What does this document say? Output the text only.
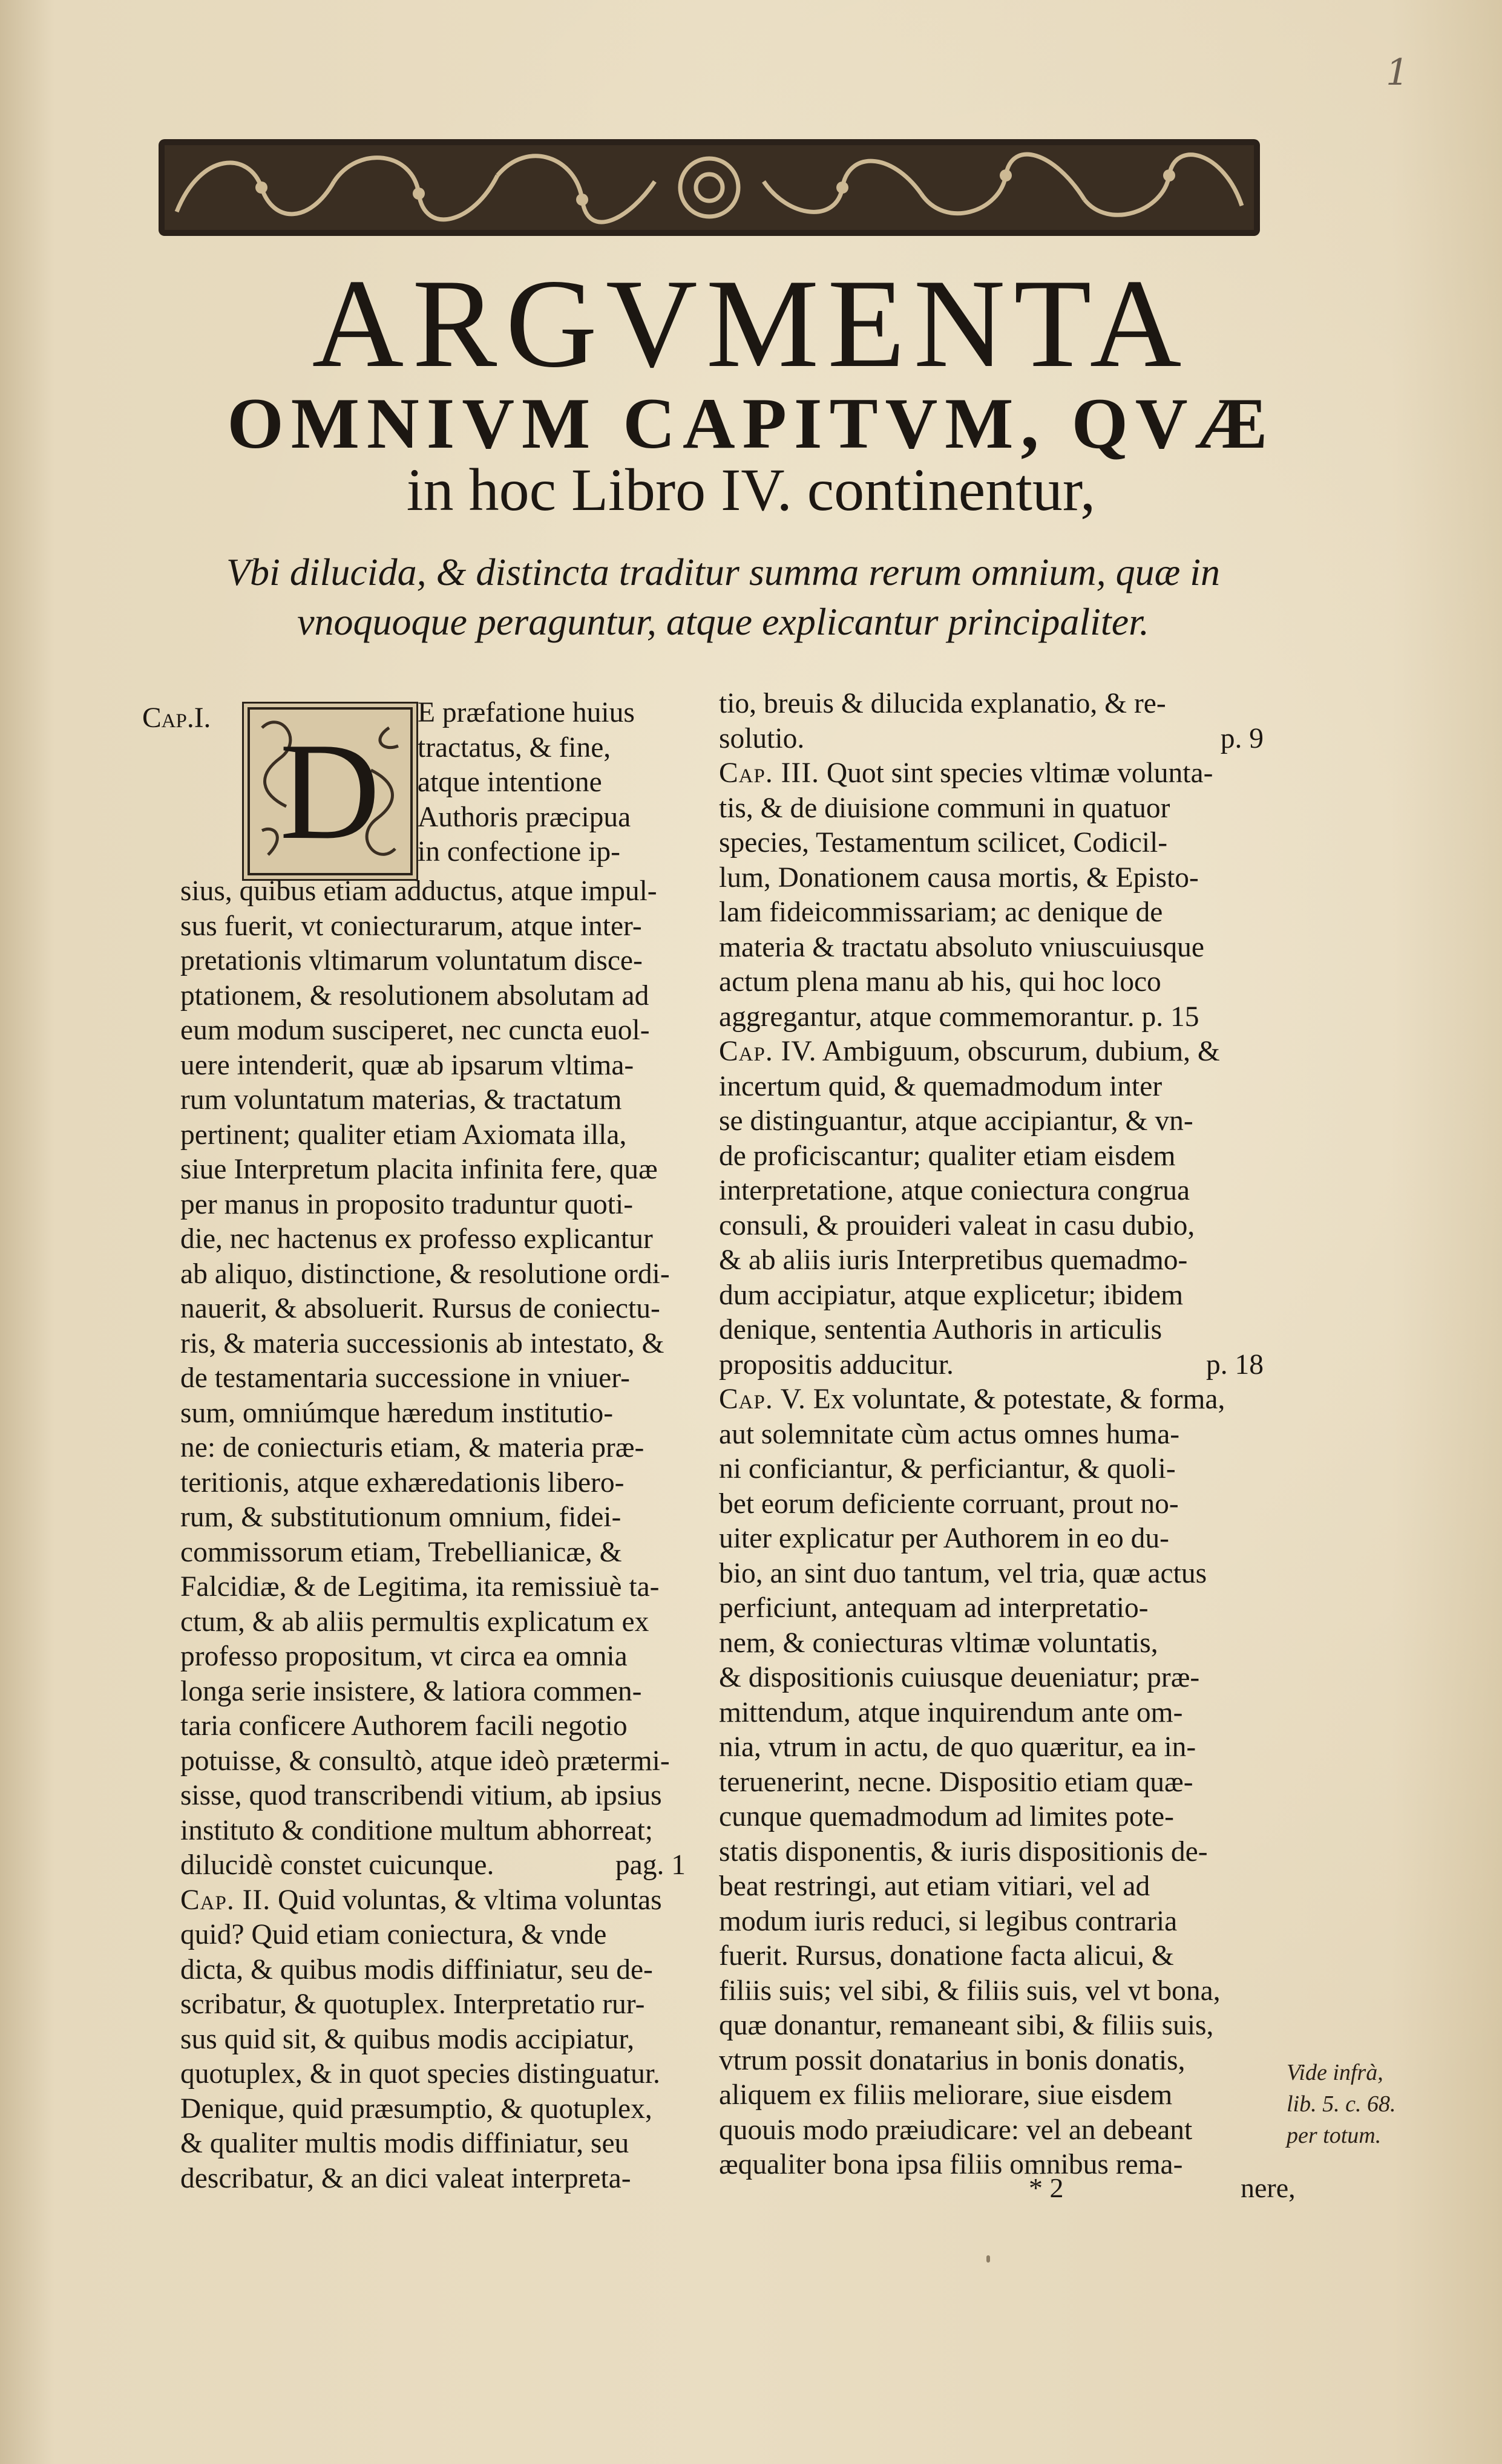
1
ARGVMENTA
OMNIVM CAPITVM, QVÆ
in hoc Libro IV. continentur,
Vbi dilucida, & distincta traditur summa rerum omnium, quæ in
vnoquoque peraguntur, atque explicantur principaliter.
Cap.I. D
E præfatione huius
tractatus, & fine,
atque intentione
Authoris præcipua
in confectione ip-
sius, quibus etiam adductus, atque impul-
sus fuerit, vt coniecturarum, atque inter-
pretationis vltimarum voluntatum disce-
ptationem, & resolutionem absolutam ad
eum modum susciperet, nec cuncta euol-
uere intenderit, quæ ab ipsarum vltima-
rum voluntatum materias, & tractatum
pertinent; qualiter etiam Axiomata illa,
siue Interpretum placita infinita fere, quæ
per manus in proposito traduntur quoti-
die, nec hactenus ex professo explicantur
ab aliquo, distinctione, & resolutione ordi-
nauerit, & absoluerit. Rursus de coniectu-
ris, & materia successionis ab intestato, &
de testamentaria successione in vniuer-
sum, omniúmque hæredum institutio-
ne: de coniecturis etiam, & materia præ-
teritionis, atque exhæredationis libero-
rum, & substitutionum omnium, fidei-
commissorum etiam, Trebellianicæ, &
Falcidiæ, & de Legitima, ita remissiuè ta-
ctum, & ab aliis permultis explicatum ex
professo propositum, vt circa ea omnia
longa serie insistere, & latiora commen-
taria conficere Authorem facili negotio
potuisse, & consultò, atque ideò prætermi-
sisse, quod transcribendi vitium, ab ipsius
instituto & conditione multum abhorreat;
dilucidè constet cuicunque.	pag. 1
Cap. II. Quid voluntas, & vltima voluntas
quid? Quid etiam coniectura, & vnde
dicta, & quibus modis diffiniatur, seu de-
scribatur, & quotuplex. Interpretatio rur-
sus quid sit, & quibus modis accipiatur,
quotuplex, & in quot species distinguatur.
Denique, quid præsumptio, & quotuplex,
& qualiter multis modis diffiniatur, seu
describatur, & an dici valeat interpreta-
tio, breuis & dilucida explanatio, & re-
solutio.	p. 9
Cap. III. Quot sint species vltimæ volunta-
tis, & de diuisione communi in quatuor
species, Testamentum scilicet, Codicil-
lum, Donationem causa mortis, & Episto-
lam fideicommissariam; ac denique de
materia & tractatu absoluto vniuscuiusque
actum plena manu ab his, qui hoc loco
aggregantur, atque commemorantur. p. 15
Cap. IV. Ambiguum, obscurum, dubium, &
incertum quid, & quemadmodum inter
se distinguantur, atque accipiantur, & vn-
de proficiscantur; qualiter etiam eisdem
interpretatione, atque coniectura congrua
consuli, & prouideri valeat in casu dubio,
& ab aliis iuris Interpretibus quemadmo-
dum accipiatur, atque explicetur; ibidem
denique, sententia Authoris in articulis
propositis adducitur.	p. 18
Cap. V. Ex voluntate, & potestate, & forma,
aut solemnitate cùm actus omnes huma-
ni conficiantur, & perficiantur, & quoli-
bet eorum deficiente corruant, prout no-
uiter explicatur per Authorem in eo du-
bio, an sint duo tantum, vel tria, quæ actus
perficiunt, antequam ad interpretatio-
nem, & coniecturas vltimæ voluntatis,
& dispositionis cuiusque deueniatur; præ-
mittendum, atque inquirendum ante om-
nia, vtrum in actu, de quo quæritur, ea in-
teruenerint, necne. Dispositio etiam quæ-
cunque quemadmodum ad limites pote-
statis disponentis, & iuris dispositionis de-
beat restringi, aut etiam vitiari, vel ad
modum iuris reduci, si legibus contraria
fuerit. Rursus, donatione facta alicui, &
filiis suis; vel sibi, & filiis suis, vel vt bona,
quæ donantur, remaneant sibi, & filiis suis,
vtrum possit donatarius in bonis donatis,
aliquem ex filiis meliorare, siue eisdem
quouis modo præiudicare: vel an debeant
æqualiter bona ipsa filiis omnibus rema-
Vide infrà,
lib. 5. c. 68.
per totum.
* 2	nere,
